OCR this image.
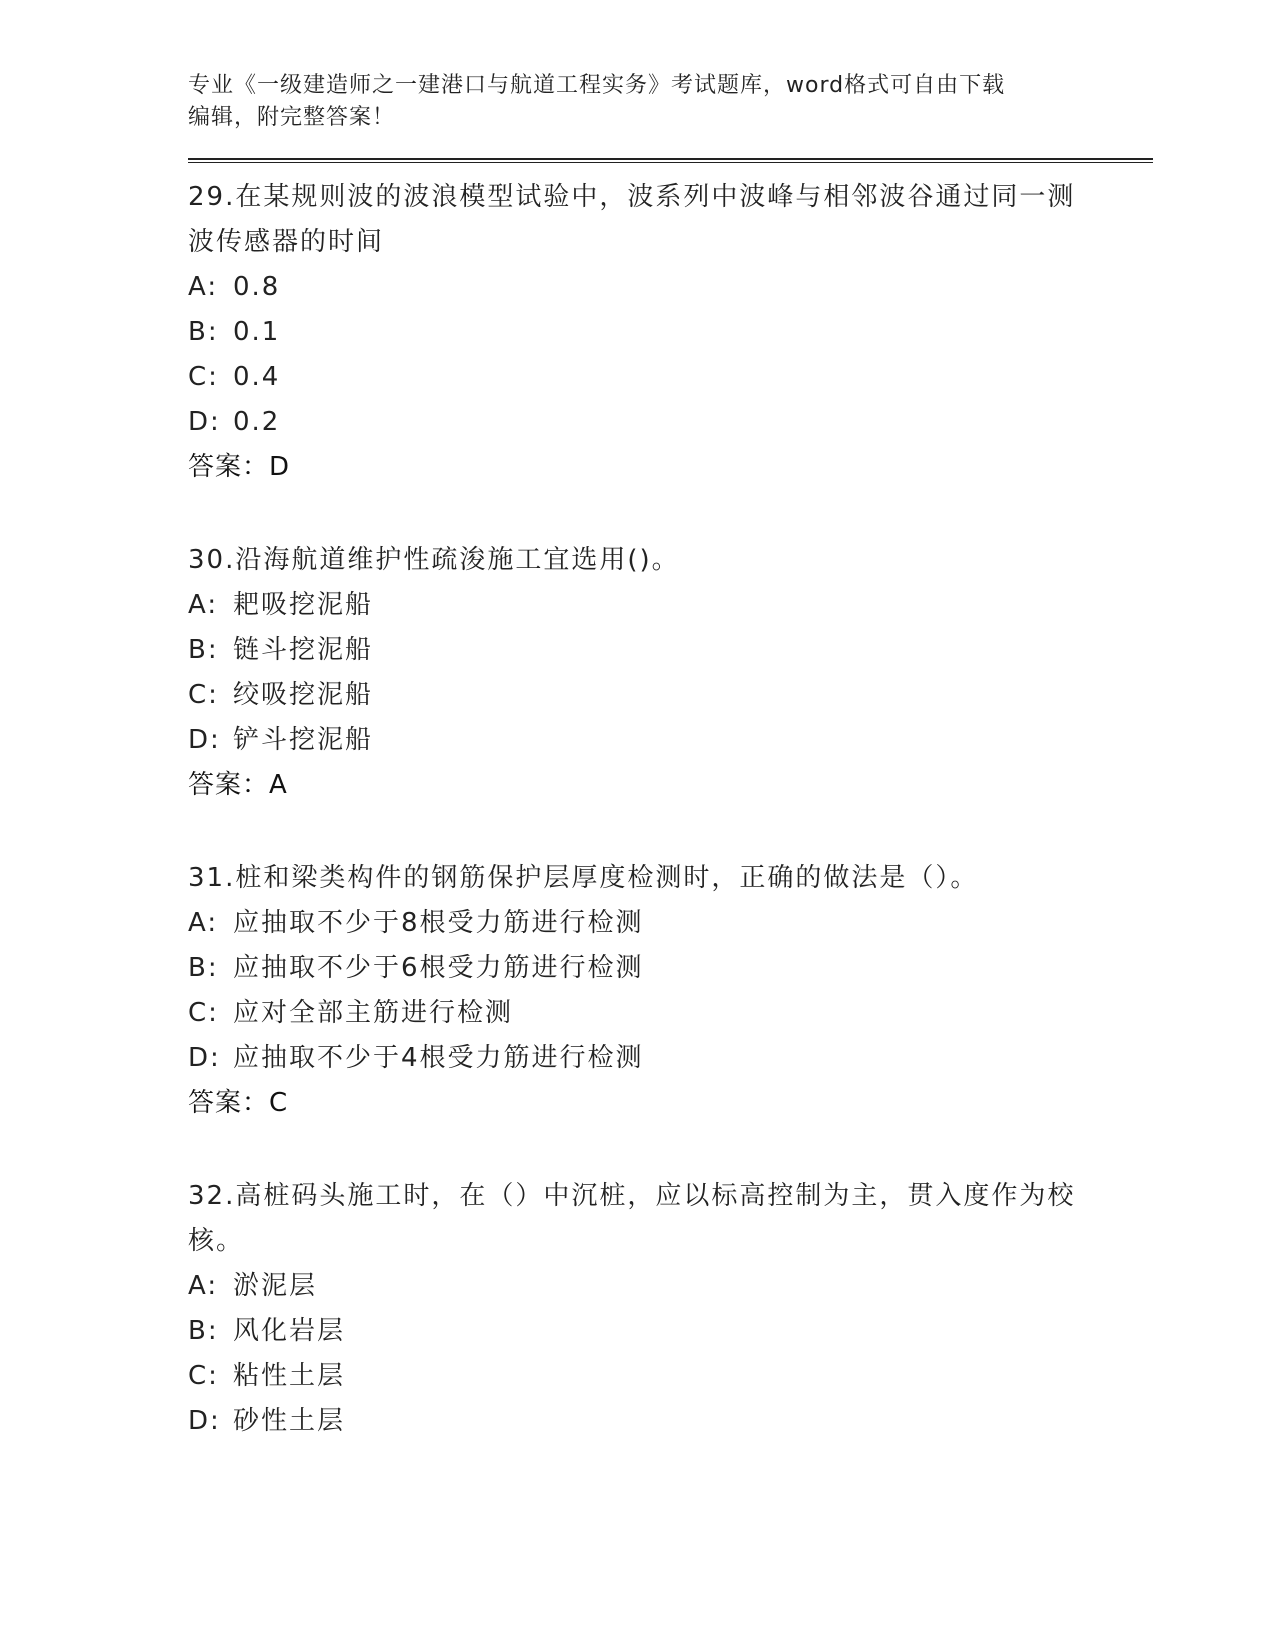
专业《一级建造师之一建港口与航道工程实务》考试题库，word格式可自由下载
编辑，附完整答案！
29.在某规则波的波浪模型试验中，波系列中波峰与相邻波谷通过同一测波传感器的时间
A: 0.8
B: 0.1
C: 0.4
D: 0.2
答案：D
30.沿海航道维护性疏浚施工宜选用()。
A: 耙吸挖泥船
B: 链斗挖泥船
C: 绞吸挖泥船
D: 铲斗挖泥船
答案：A
31.桩和梁类构件的钢筋保护层厚度检测时，正确的做法是（）。
A: 应抽取不少于8根受力筋进行检测
B: 应抽取不少于6根受力筋进行检测
C: 应对全部主筋进行检测
D: 应抽取不少于4根受力筋进行检测
答案：C
32.高桩码头施工时，在（）中沉桩，应以标高控制为主，贯入度作为校核。
A: 淤泥层
B: 风化岩层
C: 粘性土层
D: 砂性土层
